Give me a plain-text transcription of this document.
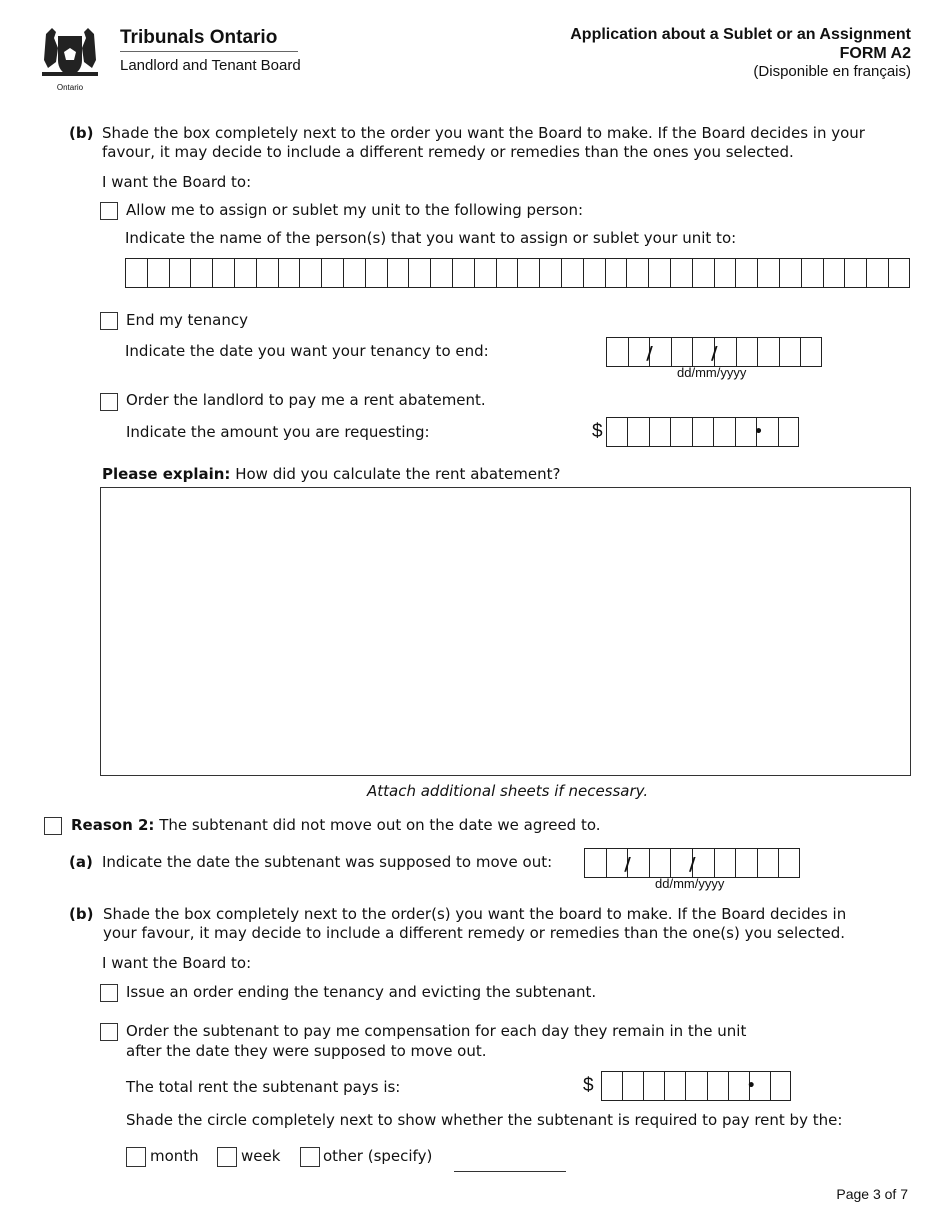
Ontario
Tribunals Ontario
Landlord and Tenant Board
Application about a Sublet or an Assignment
FORM A2
(Disponible en français)
(b) Shade the box completely next to the order you want the Board to make. If the Board decides in your
favour, it may decide to include a different remedy or remedies than the ones you selected.
I want the Board to:
Allow me to assign or sublet my unit to the following person:
Indicate the name of the person(s) that you want to assign or sublet your unit to:
End my tenancy
Indicate the date you want your tenancy to end:
/
/
dd/mm/yyyy
Order the landlord to pay me a rent abatement.
Indicate the amount you are requesting:	$
•
Please explain: How did you calculate the rent abatement?
Attach additional sheets if necessary.
Reason 2: The subtenant did not move out on the date we agreed to.
(a) Indicate the date the subtenant was supposed to move out:
/
/
dd/mm/yyyy
(b) Shade the box completely next to the order(s) you want the board to make. If the Board decides in
your favour, it may decide to include a different remedy or remedies than the one(s) you selected.
I want the Board to:
Issue an order ending the tenancy and evicting the subtenant.
Order the subtenant to pay me compensation for each day they remain in the unit
after the date they were supposed to move out.
The total rent the subtenant pays is:	$
•
Shade the circle completely next to show whether the subtenant is required to pay rent by the:
month	week	other (specify)
Page 3 of 7
